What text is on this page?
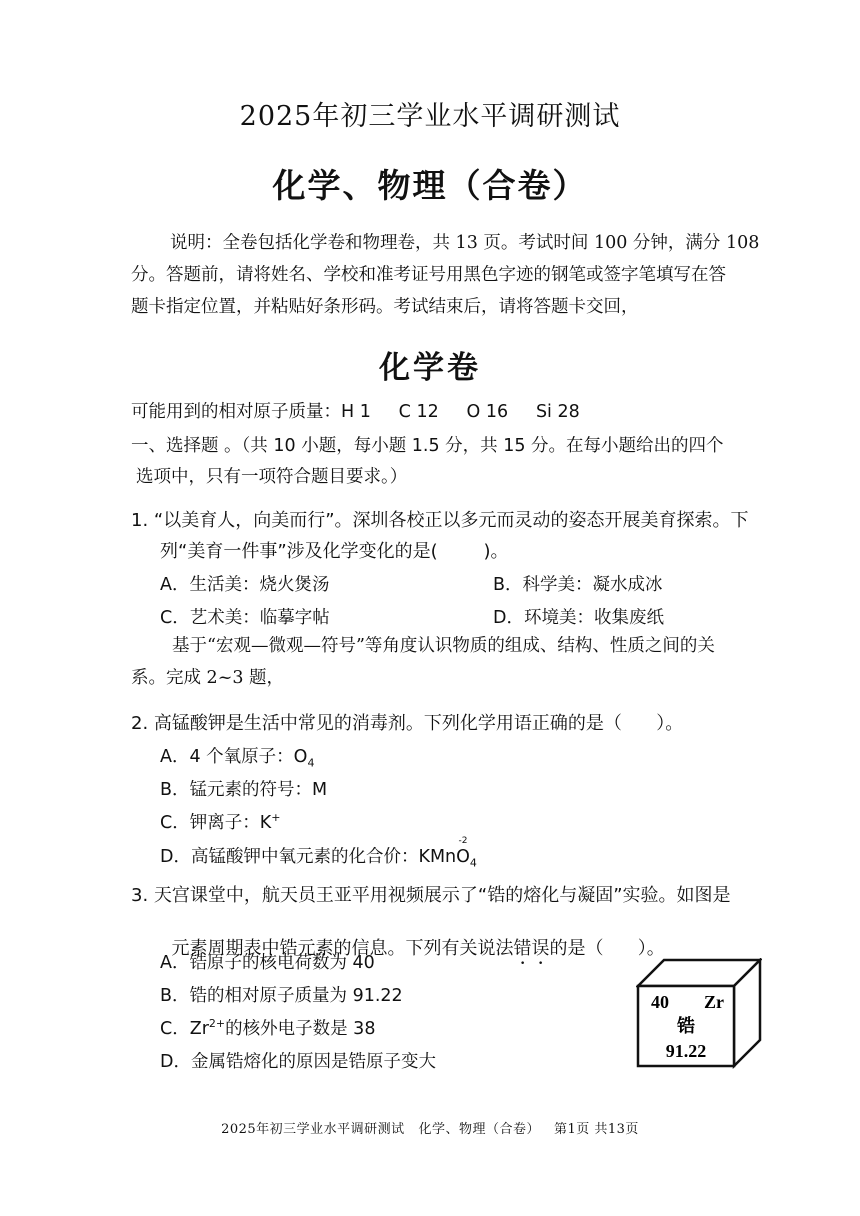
2025年初三学业水平调研测试
化学、物理（合卷）
说明：全卷包括化学卷和物理卷，共 13 页。考试时间 100 分钟，满分 108
分。答题前，请将姓名、学校和准考证号用黑色字迹的钢笔或签字笔填写在答
题卡指定位置，并粘贴好条形码。考试结束后，请将答题卡交回，
化学卷
可能用到的相对原子质量：H 1     C 12     O 16     Si 28
一、选择题 。（共 10 小题，每小题 1.5 分，共 15 分。在每小题给出的四个
选项中，只有一项符合题目要求。）
1. “以美育人，向美而行”。深圳各校正以多元而灵动的姿态开展美育探索。下
列“美育一件事”涉及化学变化的是(        )。
A．生活美：烧火煲汤	B．科学美：凝水成冰
C．艺术美：临摹字帖	D．环境美：收集废纸
基于“宏观—微观—符号”等角度认识物质的组成、结构、性质之间的关
系。完成 2~3 题，
2. 高锰酸钾是生活中常见的消毒剂。下列化学用语正确的是（      ）。
A．4 个氧原子：$O_4$
B．锰元素的符号：M
C．钾离子：K+
D．高锰酸钾中氧元素的化合价：KMn
-2
$O_4$
3. 天宫课堂中，航天员王亚平用视频展示了“锆的熔化与凝固”实验。如图是

元素周期表中锆元素的信息。下列有关说法错误的是（      ）。

A．锆原子的核电荷数为 40
B．锆的相对原子质量为 91.22
C．$Zr^{2+}$的核外电子数是 38
D．金属锆熔化的原因是锆原子变大
40 Zr
锆
91.22
2025年初三学业水平调研测试   化学、物理（合卷）   第1页 共13页
